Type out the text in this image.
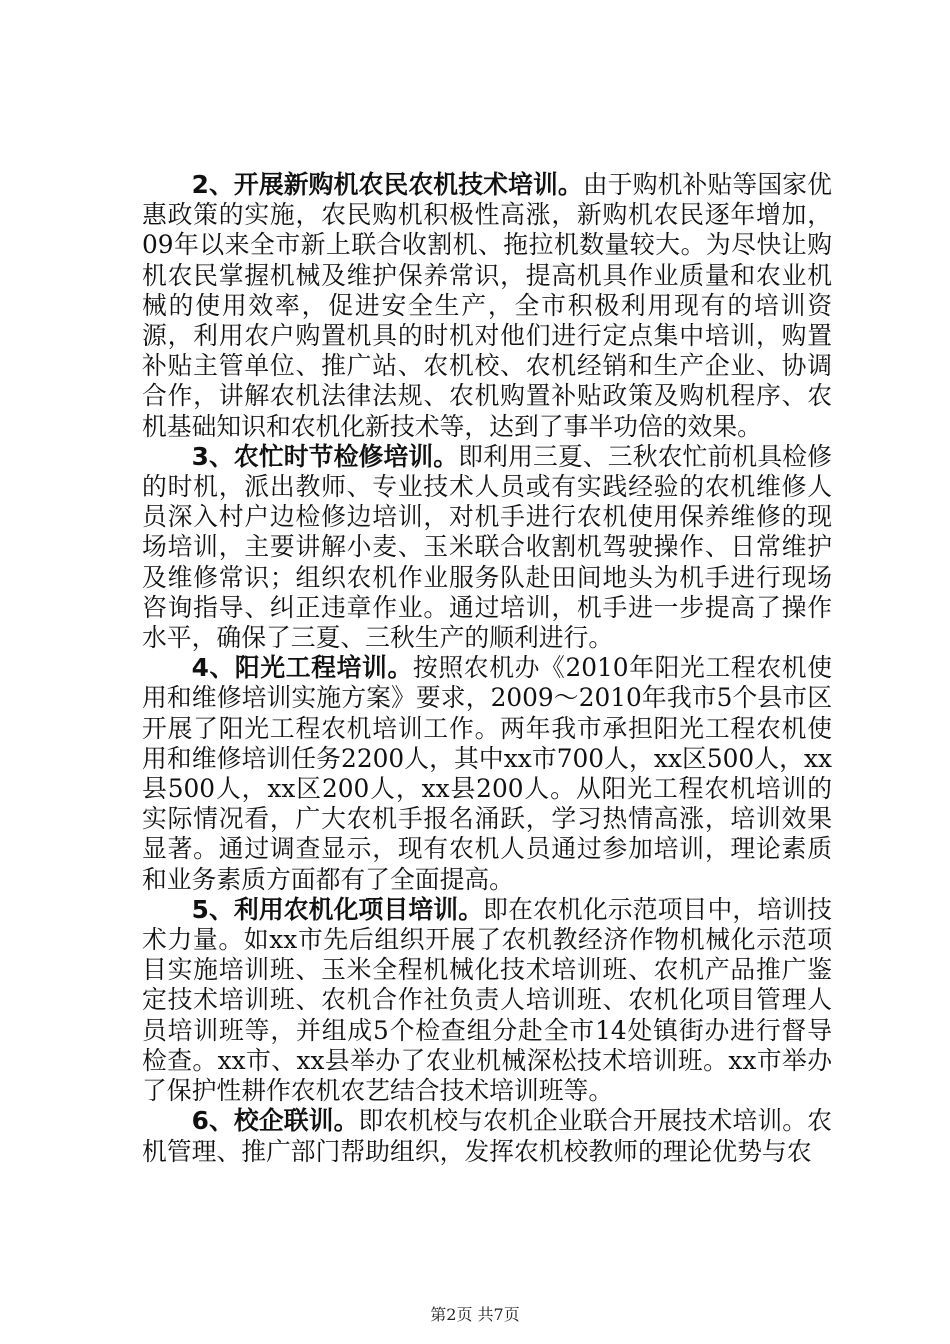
2、开展新购机农民农机技术培训。由于购机补贴等国家优惠政策的实施，农民购机积极性高涨，新购机农民逐年增加，09年以来全市新上联合收割机、拖拉机数量较大。为尽快让购机农民掌握机械及维护保养常识，提高机具作业质量和农业机械的使用效率，促进安全生产，全市积极利用现有的培训资源，利用农户购置机具的时机对他们进行定点集中培训，购置补贴主管单位、推广站、农机校、农机经销和生产企业、协调合作，讲解农机法律法规、农机购置补贴政策及购机程序、农机基础知识和农机化新技术等，达到了事半功倍的效果。

3、农忙时节检修培训。即利用三夏、三秋农忙前机具检修的时机，派出教师、专业技术人员或有实践经验的农机维修人员深入村户边检修边培训，对机手进行农机使用保养维修的现场培训，主要讲解小麦、玉米联合收割机驾驶操作、日常维护及维修常识；组织农机作业服务队赴田间地头为机手进行现场咨询指导、纠正违章作业。通过培训，机手进一步提高了操作水平，确保了三夏、三秋生产的顺利进行。

4、阳光工程培训。按照农机办《2010年阳光工程农机使用和维修培训实施方案》要求，2009～2010年我市5个县市区开展了阳光工程农机培训工作。两年我市承担阳光工程农机使用和维修培训任务2200人，其中xx市700人，xx区500人，xx县500人，xx区200人，xx县200人。从阳光工程农机培训的实际情况看，广大农机手报名涌跃，学习热情高涨，培训效果显著。通过调查显示，现有农机人员通过参加培训，理论素质和业务素质方面都有了全面提高。

5、利用农机化项目培训。即在农机化示范项目中，培训技术力量。如xx市先后组织开展了农机教经济作物机械化示范项目实施培训班、玉米全程机械化技术培训班、农机产品推广鉴定技术培训班、农机合作社负责人培训班、农机化项目管理人员培训班等，并组成5个检查组分赴全市14处镇街办进行督导检查。xx市、xx县举办了农业机械深松技术培训班。xx市举办了保护性耕作农机农艺结合技术培训班等。

6、校企联训。即农机校与农机企业联合开展技术培训。农机管理、推广部门帮助组织，发挥农机校教师的理论优势与农

第2页 共7页
